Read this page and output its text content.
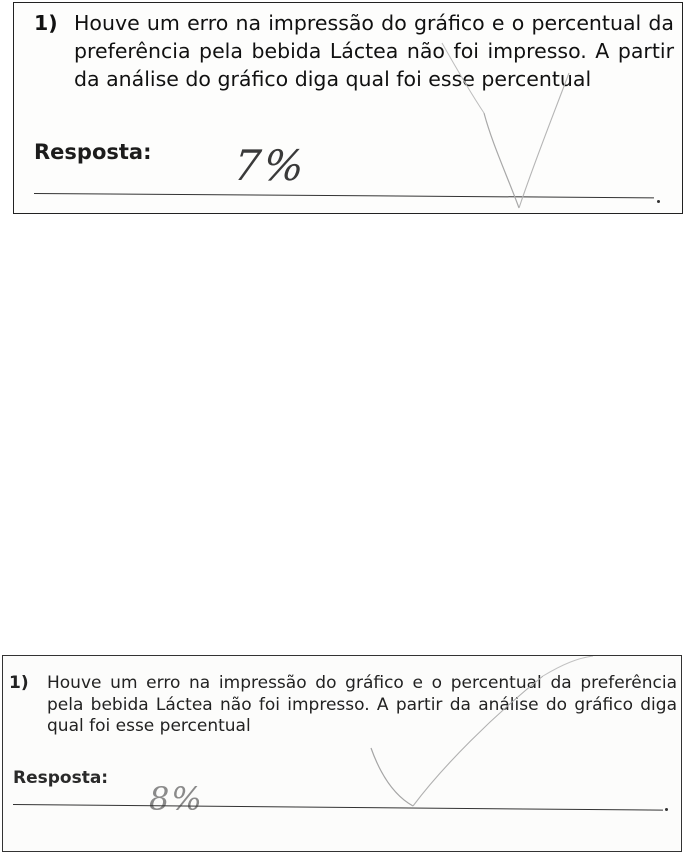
1) Houve um erro na impressão do gráfico e o percentual da preferência pela bebida Láctea não foi impresso. A partir da análise do gráfico diga qual foi esse percentual
Resposta: 7%
1)	Houve um erro na impressão do gráfico e o percentual da preferência pela bebida Láctea não foi impresso. A partir da análise do gráfico diga qual foi esse percentual
Resposta:
8%
